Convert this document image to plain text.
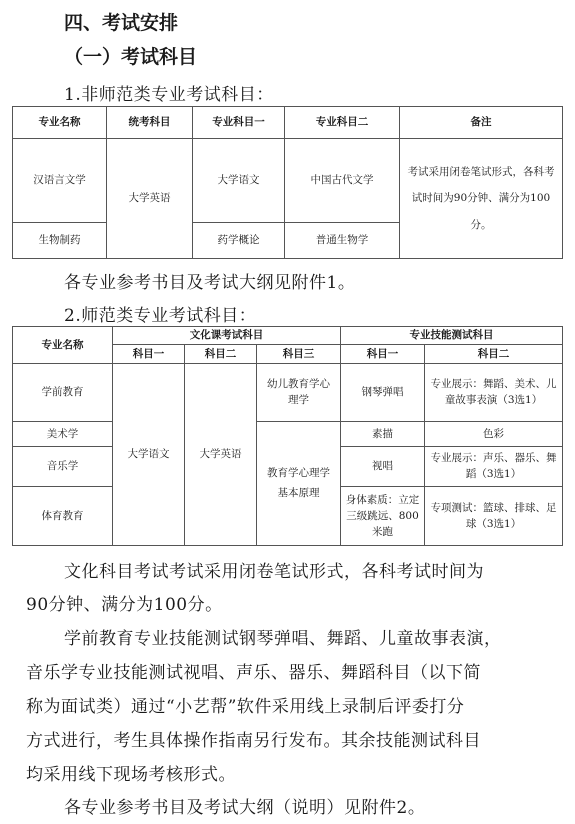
四、考试安排
（一）考试科目
1.非师范类专业考试科目：
专业名称	统考科目	专业科目一	专业科目二	备注
汉语言文学	大学英语	大学语文	中国古代文学	考试采用闭卷笔试形式，各科考试时间为90分钟、满分为100分。
生物制药		药学概论	普通生物学	
各专业参考书目及考试大纲见附件1。
2.师范类专业考试科目：
专业名称	文化课考试科目			专业技能测试科目	
	科目一	科目二	科目三	科目一	科目二
学前教育	大学语文	大学英语	幼儿教育学心理学	钢琴弹唱	专业展示：舞蹈、美术、儿童故事表演（3选1）
美术学			教育学心理学基本原理	素描	色彩
音乐学				视唱	专业展示：声乐、器乐、舞蹈（3选1）
体育教育				身体素质：立定三级跳远、800米跑	专项测试：篮球、排球、足球（3选1）
文化科目考试考试采用闭卷笔试形式，各科考试时间为
90分钟、满分为100分。
学前教育专业技能测试钢琴弹唱、舞蹈、儿童故事表演，
音乐学专业技能测试视唱、声乐、器乐、舞蹈科目（以下简
称为面试类）通过“小艺帮”软件采用线上录制后评委打分
方式进行，考生具体操作指南另行发布。其余技能测试科目
均采用线下现场考核形式。
各专业参考书目及考试大纲（说明）见附件2。
